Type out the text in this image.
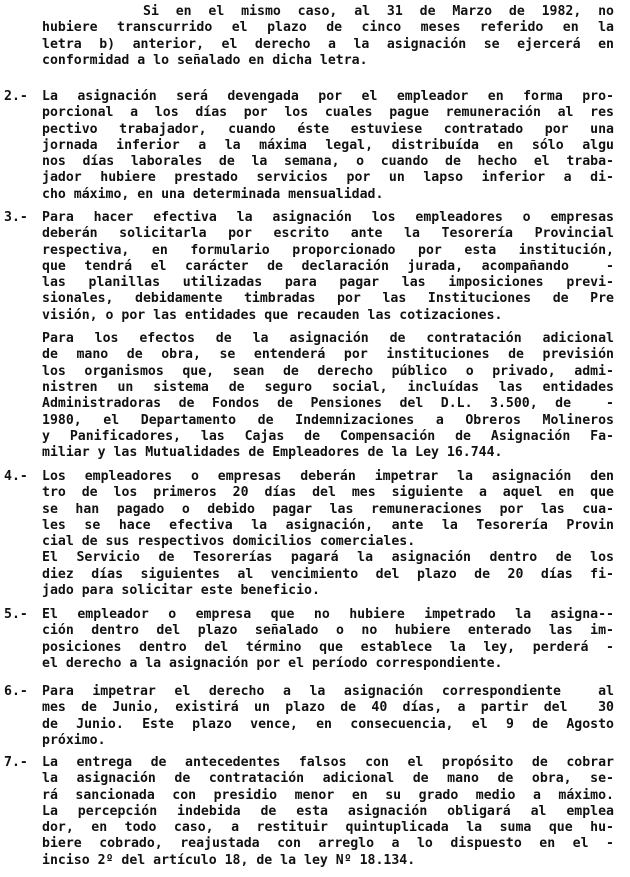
Si en el mismo caso, al 31 de Marzo de 1982, no
hubiere transcurrido el plazo de cinco meses referido en la
letra b) anterior, el derecho a la asignación se ejercerá en
conformidad a lo señalado en dicha letra.
2.-	La asignación será devengada por el empleador en forma pro-
porcional a los días por los cuales pague remuneración al res
pectivo trabajador, cuando éste estuviese contratado por una
jornada inferior a la máxima legal, distribuída en sólo algu
nos días laborales de la semana, o cuando de hecho el traba-
jador hubiere prestado servicios por un lapso inferior a di-
cho máximo, en una determinada mensualidad.
3.-	Para hacer efectiva la asignación los empleadores o empresas
deberán solicitarla por escrito ante la Tesorería Provincial
respectiva, en formulario proporcionado por esta institución,
que tendrá el carácter de declaración jurada, acompañando  -
las planillas utilizadas para pagar las imposiciones previ-
sionales, debidamente timbradas por las Instituciones de Pre
visión, o por las entidades que recauden las cotizaciones.
Para los efectos de la asignación de contratación adicional
de mano de obra, se entenderá por instituciones de previsión
los organismos que, sean de derecho público o privado, admi-
nistren un sistema de seguro social, incluídas las entidades
Administradoras de Fondos de Pensiones del D.L. 3.500, de  -
1980, el Departamento de Indemnizaciones a Obreros Molineros
y Panificadores, las Cajas de Compensación de Asignación Fa-
miliar y las Mutualidades de Empleadores de la Ley 16.744.
4.-	Los empleadores o empresas deberán impetrar la asignación den
tro de los primeros 20 días del mes siguiente a aquel en que
se han pagado o debido pagar las remuneraciones por las cua-
les se hace efectiva la asignación, ante la Tesorería Provin
cial de sus respectivos domicilios comerciales.
El Servicio de Tesorerías pagará la asignación dentro de los
diez días siguientes al vencimiento del plazo de 20 días fi-
jado para solicitar este beneficio.
5.-	El empleador o empresa que no hubiere impetrado la asigna--
ción dentro del plazo señalado o no hubiere enterado las im-
posiciones dentro del término que establece la ley, perderá -
el derecho a la asignación por el período correspondiente.
6.-	Para impetrar el derecho a la asignación correspondiente  al
mes de Junio, existirá un plazo de 40 días, a partir del  30
de Junio. Este plazo vence, en consecuencia, el 9 de Agosto
próximo.
7.-	La entrega de antecedentes falsos con el propósito de cobrar
la asignación de contratación adicional de mano de obra, se-
rá sancionada con presidio menor en su grado medio a máximo.
La percepción indebida de esta asignación obligará al emplea
dor, en todo caso, a restituir quintuplicada la suma que hu-
biere cobrado, reajustada con arreglo a lo dispuesto en el -
inciso 2º del artículo 18, de la ley Nº 18.134.
